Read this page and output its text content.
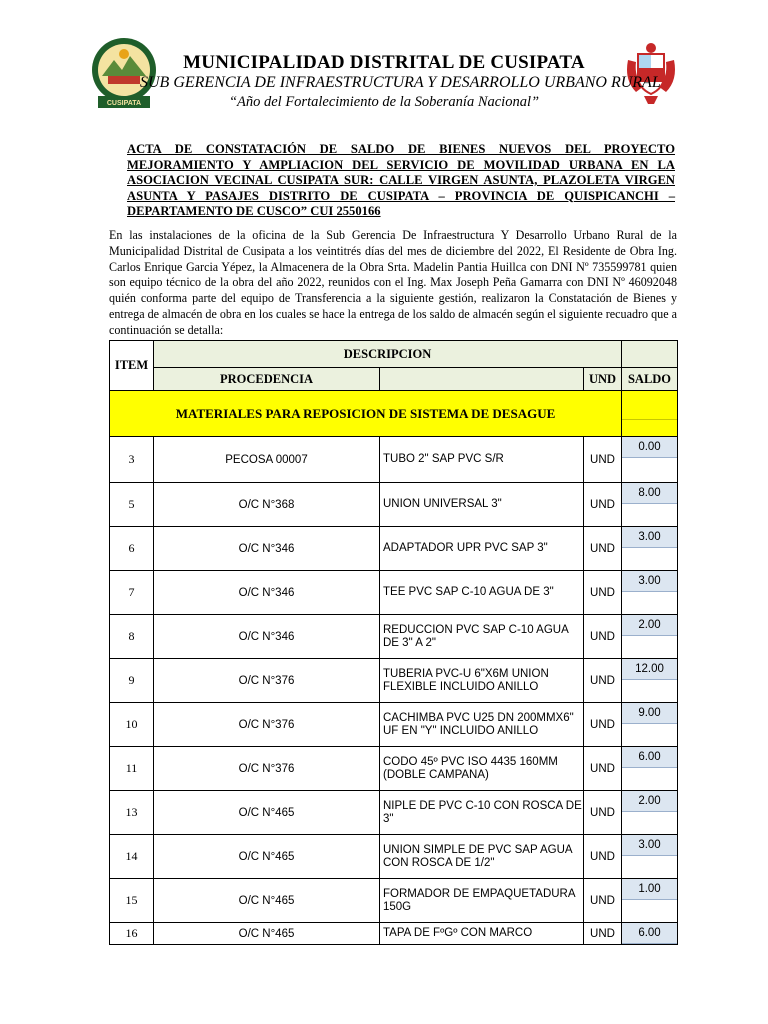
CUSIPATA
MUNICIPALIDAD DISTRITAL DE CUSIPATA
SUB GERENCIA DE INFRAESTRUCTURA Y DESARROLLO URBANO RURAL
“Año del Fortalecimiento de la Soberanía Nacional”
ACTA DE CONSTATACIÓN DE SALDO DE BIENES NUEVOS DEL PROYECTO MEJORAMIENTO Y AMPLIACION DEL SERVICIO DE MOVILIDAD URBANA EN LA ASOCIACION VECINAL CUSIPATA SUR: CALLE VIRGEN ASUNTA, PLAZOLETA VIRGEN ASUNTA Y PASAJES DISTRITO DE CUSIPATA – PROVINCIA DE QUISPICANCHI – DEPARTAMENTO DE CUSCO” CUI 2550166
En las instalaciones de la oficina de la Sub Gerencia De Infraestructura Y Desarrollo Urbano Rural de la Municipalidad Distrital de Cusipata a los veintitrés días del mes de diciembre del 2022, El Residente de Obra Ing. Carlos Enrique Garcia Yépez, la Almacenera de la Obra Srta. Madelin Pantia Huillca con DNI Nº 735599781 quien son equipo técnico de la obra del año 2022, reunidos con el Ing. Max Joseph Peña Gamarra con DNI Nº 46092048 quién conforma parte del equipo de Transferencia a la siguiente gestión, realizaron la Constatación de Bienes y entrega de almacén de obra en los cuales se hace la entrega de los saldo de almacén según el siguiente recuadro que a continuación se detalla:
ITEM	DESCRIPCION			
	PROCEDENCIA		UND	SALDO
MATERIALES PARA REPOSICION DE SISTEMA DE DESAGUE				

3	PECOSA 00007	TUBO 2" SAP PVC S/R	UND	0.00

5	O/C N°368	UNION UNIVERSAL 3"	UND	8.00

6	O/C N°346	ADAPTADOR UPR PVC SAP 3"	UND	3.00

7	O/C N°346	TEE PVC SAP C-10 AGUA DE 3"	UND	3.00

8	O/C N°346	REDUCCION PVC SAP C-10 AGUA DE 3" A 2"	UND	2.00

9	O/C N°376	TUBERIA PVC-U 6"X6M UNION FLEXIBLE INCLUIDO ANILLO	UND	12.00

10	O/C N°376	CACHIMBA PVC U25 DN 200MMX6" UF EN "Y" INCLUIDO ANILLO	UND	9.00

11	O/C N°376	CODO 45º PVC ISO 4435 160MM (DOBLE CAMPANA)	UND	6.00

13	O/C N°465	NIPLE DE PVC C-10 CON ROSCA DE 3"	UND	2.00

14	O/C N°465	UNION SIMPLE DE PVC SAP AGUA CON ROSCA DE 1/2"	UND	3.00

15	O/C N°465	FORMADOR DE EMPAQUETADURA 150G	UND	1.00

16	O/C N°465	TAPA DE FºGº CON MARCO	UND	6.00
